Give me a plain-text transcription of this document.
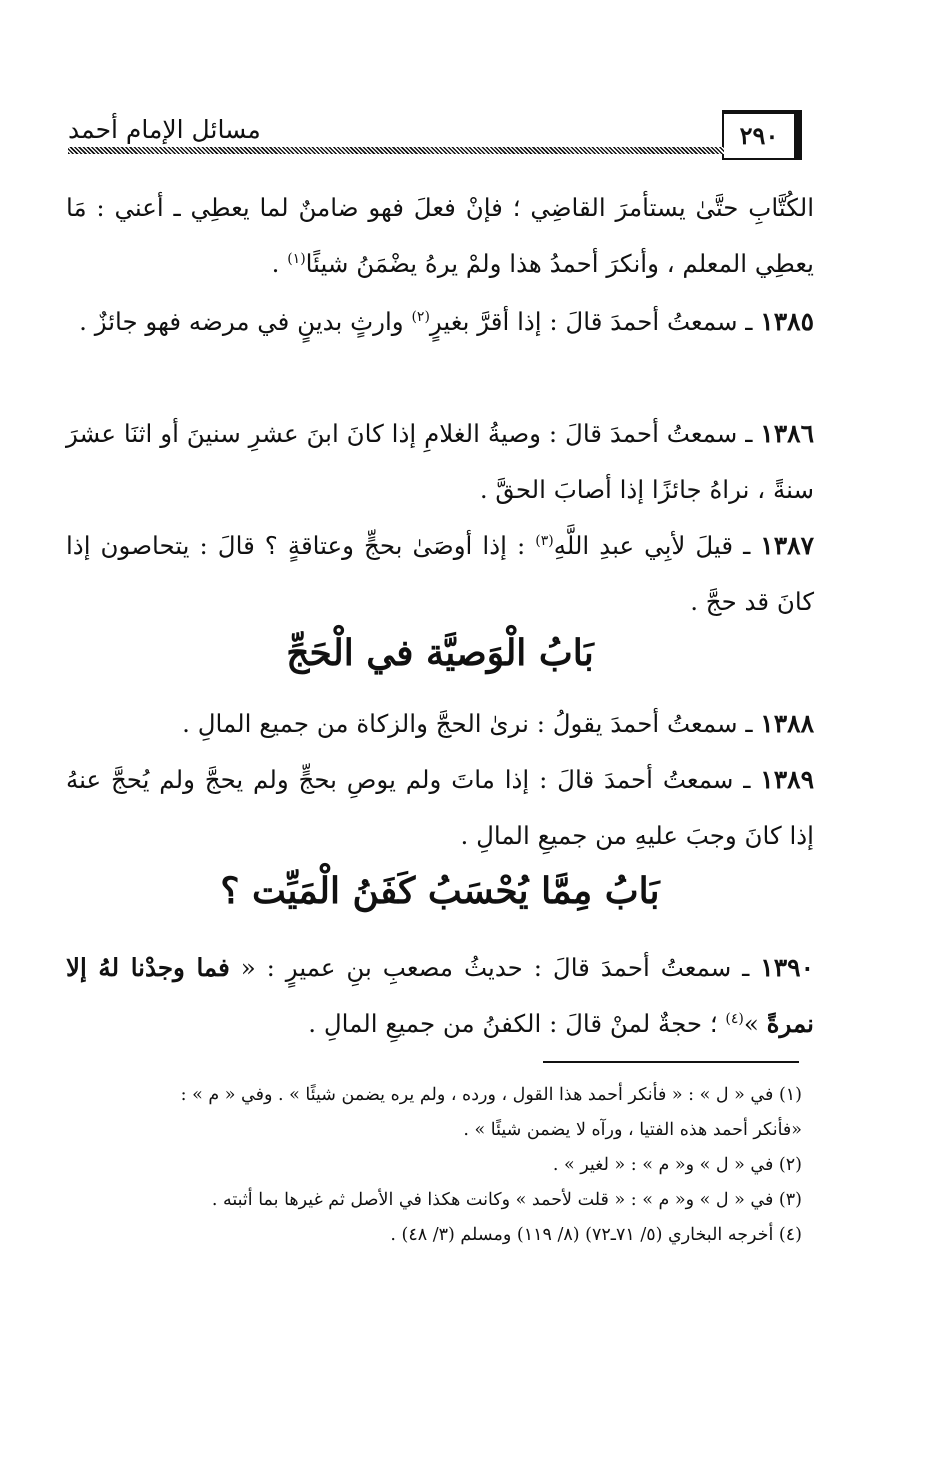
٢٩٠
مسائل الإمام أحمد
الكُتَّابِ حتَّىٰ يستأمرَ القاضِي ؛ فإنْ فعلَ فهو ضامنٌ لما يعطِي ـ أعني : مَا يعطِي المعلم ، وأنكرَ أحمدُ هذا ولمْ يرهُ يضْمَنُ شيئًا$^{(١)}$ .
١٣٨٥ ـ سمعتُ أحمدَ قالَ : إذا أقرَّ بغيرٍ$^{(٢)}$ وارثٍ بدينٍ في مرضه فهو جائزٌ .
١٣٨٦ ـ سمعتُ أحمدَ قالَ : وصيةُ الغلامِ إذا كانَ ابنَ عشرِ سنينَ أو اثنَا عشرَ سنةً ، نراهُ جائزًا إذا أصابَ الحقَّ .
١٣٨٧ ـ قيلَ لأبِي عبدِ اللَّهِ$^{(٣)}$ : إذا أوصَىٰ بحجٍّ وعتاقةٍ ؟ قالَ : يتحاصون إذا كانَ قد حجَّ .
بَابُ الْوَصيَّة في الْحَجِّ
١٣٨٨ ـ سمعتُ أحمدَ يقولُ : نرىٰ الحجَّ والزكاة من جميع المالِ .
١٣٨٩ ـ سمعتُ أحمدَ قالَ : إذا ماتَ ولم يوصِ بحجٍّ ولم يحجَّ ولم يُحجَّ عنهُ إذا كانَ وجبَ عليهِ من جميعِ المالِ .
بَابُ مِمَّا يُحْسَبُ كَفَنُ الْمَيِّت ؟
١٣٩٠ ـ سمعتُ أحمدَ قالَ : حديثُ مصعبِ بنِ عميرٍ : « فما وجدْنا لهُ إلا نمرةً »$^{(٤)}$ ؛ حجةٌ لمنْ قالَ : الكفنُ من جميعِ المالِ .
(١) في « ل » : « فأنكر أحمد هذا القول ، ورده ، ولم يره يضمن شيئًا » . وفي « م » :
«فأنكر أحمد هذه الفتيا ، ورآه لا يضمن شيئًا » .
(٢) في « ل » و« م » : « لغير » .
(٣) في « ل » و« م » : « قلت لأحمد » وكانت هكذا في الأصل ثم غيرها بما أثبته .
(٤) أخرجه البخاري (٥/ ٧١ـ٧٢) (٨/ ١١٩) ومسلم (٣/ ٤٨) .
